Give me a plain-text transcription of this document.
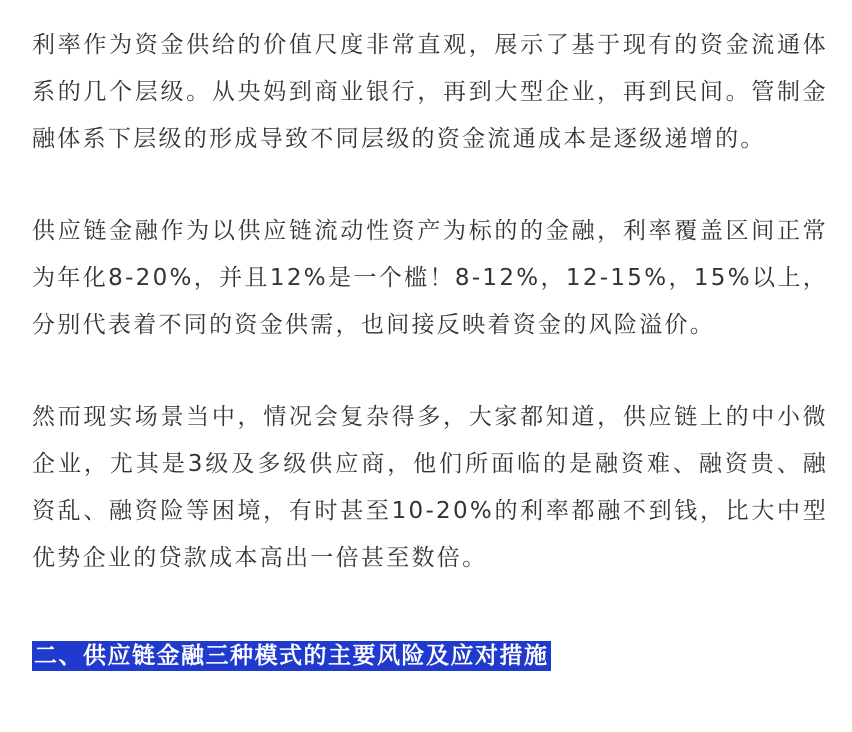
利率作为资金供给的价值尺度非常直观，展示了基于现有的资金流通体系的几个层级。从央妈到商业银行，再到大型企业，再到民间。管制金融体系下层级的形成导致不同层级的资金流通成本是逐级递增的。

供应链金融作为以供应链流动性资产为标的的金融，利率覆盖区间正常为年化8-20%，并且12%是一个槛！8-12%，12-15%，15%以上，分别代表着不同的资金供需，也间接反映着资金的风险溢价。

然而现实场景当中，情况会复杂得多，大家都知道，供应链上的中小微企业，尤其是3级及多级供应商，他们所面临的是融资难、融资贵、融资乱、融资险等困境，有时甚至10-20%的利率都融不到钱，比大中型优势企业的贷款成本高出一倍甚至数倍。

二、供应链金融三种模式的主要风险及应对措施
